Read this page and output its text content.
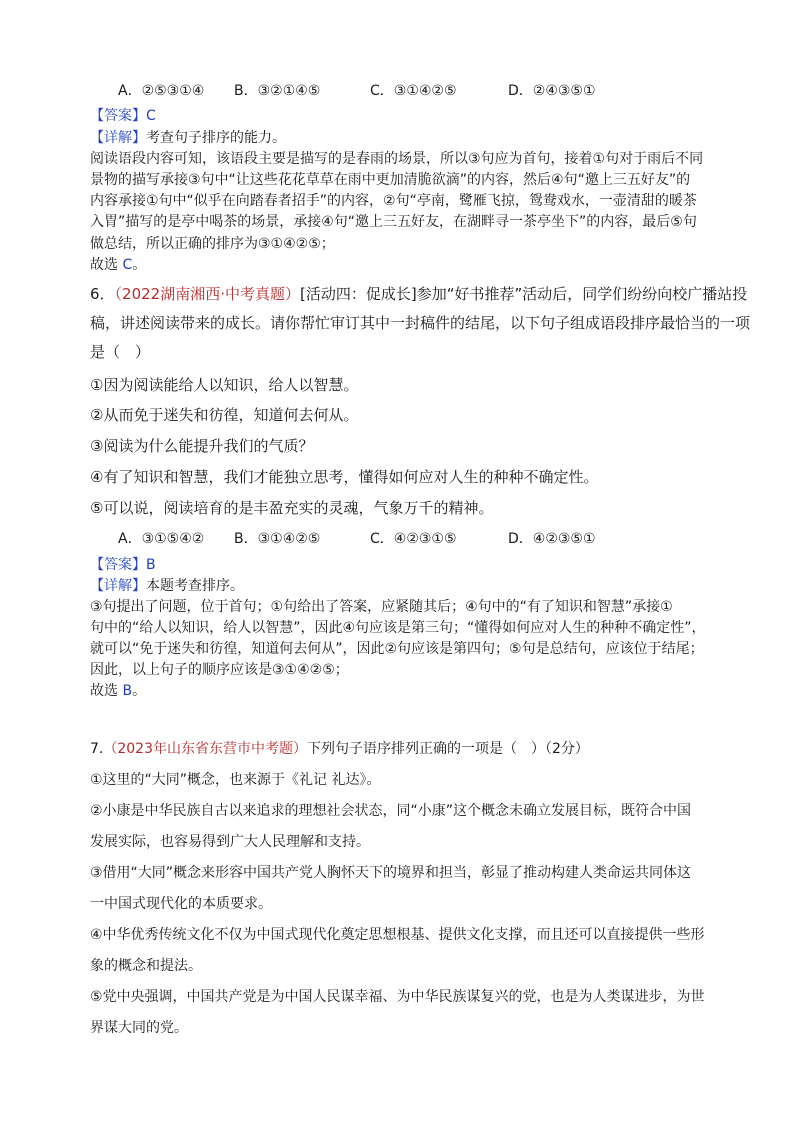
A．②⑤③①④ B．③②①④⑤	C．③①④②⑤	D．②④③⑤①
【答案】C
【详解】考查句子排序的能力。
阅读语段内容可知，该语段主要是描写的是春雨的场景，所以③句应为首句，接着①句对于雨后不同
景物的描写承接③句中“让这些花花草草在雨中更加清脆欲滴”的内容，然后④句“邀上三五好友”的
内容承接①句中“似乎在向踏春者招手”的内容，②句“亭南，鹭雁飞掠，鸳鸯戏水，一壶清甜的暖茶
入胃”描写的是亭中喝茶的场景，承接④句“邀上三五好友，在湖畔寻一茶亭坐下”的内容，最后⑤句
做总结，所以正确的排序为③①④②⑤；
故选 C。
6．（2022湖南湘西·中考真题）[活动四：促成长]参加“好书推荐”活动后，同学们纷纷向校广播站投
稿，讲述阅读带来的成长。请你帮忙审订其中一封稿件的结尾，以下句子组成语段排序最恰当的一项
是（　）
①因为阅读能给人以知识，给人以智慧。
②从而免于迷失和彷徨，知道何去何从。
③阅读为什么能提升我们的气质？
④有了知识和智慧，我们才能独立思考，懂得如何应对人生的种种不确定性。
⑤可以说，阅读培育的是丰盈充实的灵魂，气象万千的精神。
A．③①⑤④② B．③①④②⑤	C．④②③①⑤	D．④②③⑤①
【答案】B
【详解】本题考查排序。
③句提出了问题，位于首句；①句给出了答案，应紧随其后；④句中的“有了知识和智慧”承接①
句中的“给人以知识，给人以智慧”，因此④句应该是第三句；“懂得如何应对人生的种种不确定性”，
就可以“免于迷失和彷徨，知道何去何从”，因此②句应该是第四句；⑤句是总结句，应该位于结尾；
因此，以上句子的顺序应该是③①④②⑤；
故选 B。
7.（2023年山东省东营市中考题）下列句子语序排列正确的一项是（　）（2分）
①这里的“大同”概念，也来源于《礼记 礼达》。
②小康是中华民族自古以来追求的理想社会状态，同“小康”这个概念未确立发展目标，既符合中国
发展实际，也容易得到广大人民理解和支持。
③借用“大同”概念来形容中国共产党人胸怀天下的境界和担当，彰显了推动构建人类命运共同体这
一中国式现代化的本质要求。
④中华优秀传统文化不仅为中国式现代化奠定思想根基、提供文化支撑，而且还可以直接提供一些形
象的概念和提法。
⑤党中央强调，中国共产党是为中国人民谋幸福、为中华民族谋复兴的党，也是为人类谋进步，为世
界谋大同的党。
